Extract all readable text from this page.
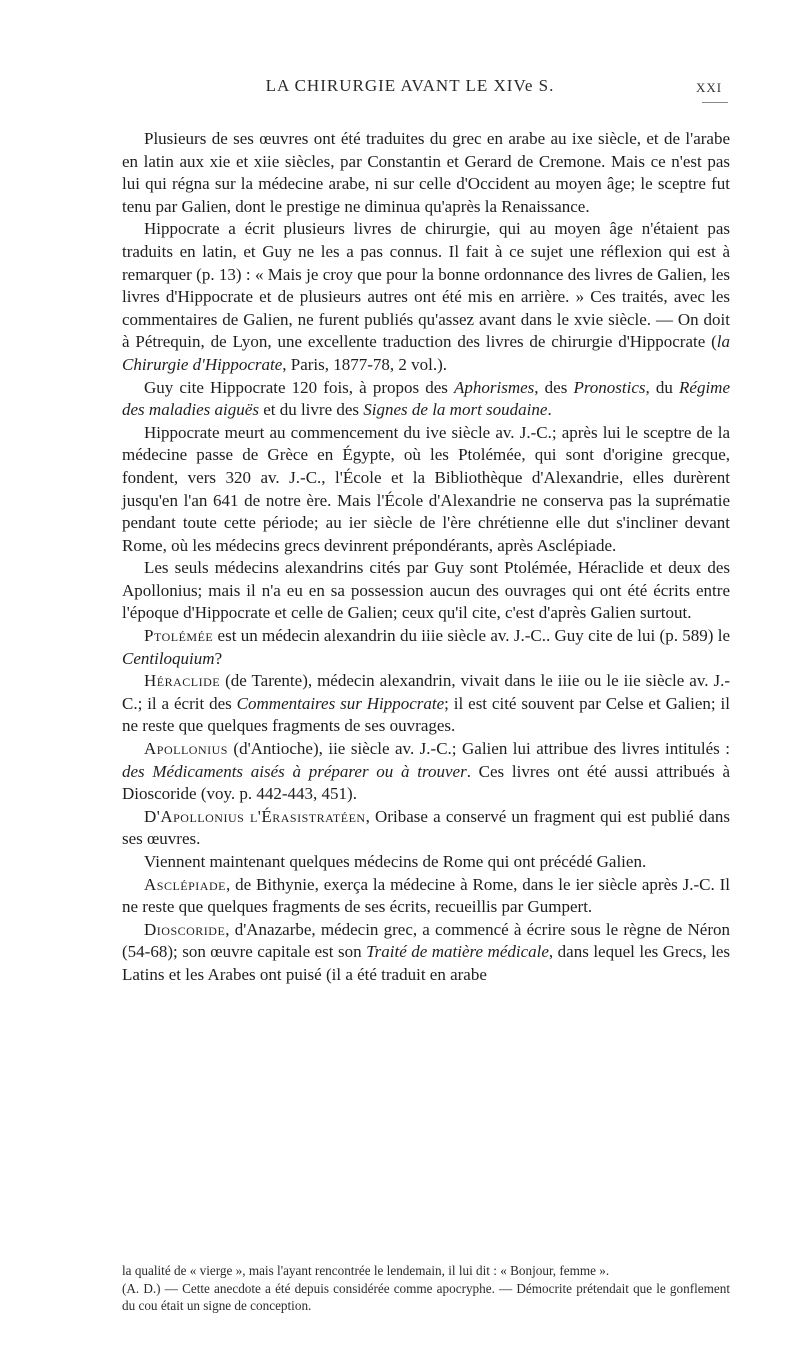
LA CHIRURGIE AVANT LE XIVe S.	XXI

Plusieurs de ses œuvres ont été traduites du grec en arabe au ixe siècle, et de l'arabe en latin aux xie et xiie siècles, par Constantin et Gerard de Cremone. Mais ce n'est pas lui qui régna sur la médecine arabe, ni sur celle d'Occident au moyen âge; le sceptre fut tenu par Galien, dont le prestige ne diminua qu'après la Renaissance.

Hippocrate a écrit plusieurs livres de chirurgie, qui au moyen âge n'étaient pas traduits en latin, et Guy ne les a pas connus. Il fait à ce sujet une réflexion qui est à remarquer (p. 13) : « Mais je croy que pour la bonne ordonnance des livres de Galien, les livres d'Hippocrate et de plusieurs autres ont été mis en arrière. » Ces traités, avec les commentaires de Galien, ne furent publiés qu'assez avant dans le xvie siècle. — On doit à Pétrequin, de Lyon, une excellente traduction des livres de chirurgie d'Hippocrate (la Chirurgie d'Hippocrate, Paris, 1877-78, 2 vol.).

Guy cite Hippocrate 120 fois, à propos des Aphorismes, des Pronostics, du Régime des maladies aiguës et du livre des Signes de la mort soudaine.

Hippocrate meurt au commencement du ive siècle av. J.-C.; après lui le sceptre de la médecine passe de Grèce en Égypte, où les Ptolémée, qui sont d'origine grecque, fondent, vers 320 av. J.-C., l'École et la Bibliothèque d'Alexandrie, elles durèrent jusqu'en l'an 641 de notre ère. Mais l'École d'Alexandrie ne conserva pas la suprématie pendant toute cette période; au ier siècle de l'ère chrétienne elle dut s'incliner devant Rome, où les médecins grecs devinrent prépondérants, après Asclépiade.

Les seuls médecins alexandrins cités par Guy sont Ptolémée, Héraclide et deux des Apollonius; mais il n'a eu en sa possession aucun des ouvrages qui ont été écrits entre l'époque d'Hippocrate et celle de Galien; ceux qu'il cite, c'est d'après Galien surtout.

Ptolémée est un médecin alexandrin du iiie siècle av. J.-C.. Guy cite de lui (p. 589) le Centiloquium?

Héraclide (de Tarente), médecin alexandrin, vivait dans le iiie ou le iie siècle av. J.-C.; il a écrit des Commentaires sur Hippocrate; il est cité souvent par Celse et Galien; il ne reste que quelques fragments de ses ouvrages.

Apollonius (d'Antioche), iie siècle av. J.-C.; Galien lui attribue des livres intitulés : des Médicaments aisés à préparer ou à trouver. Ces livres ont été aussi attribués à Dioscoride (voy. p. 442-443, 451).

D'Apollonius l'Érasistratéen, Oribase a conservé un fragment qui est publié dans ses œuvres.

Viennent maintenant quelques médecins de Rome qui ont précédé Galien.

Asclépiade, de Bithynie, exerça la médecine à Rome, dans le ier siècle après J.-C. Il ne reste que quelques fragments de ses écrits, recueillis par Gumpert.

Dioscoride, d'Anazarbe, médecin grec, a commencé à écrire sous le règne de Néron (54-68); son œuvre capitale est son Traité de matière médicale, dans lequel les Grecs, les Latins et les Arabes ont puisé (il a été traduit en arabe

la qualité de « vierge », mais l'ayant rencontrée le lendemain, il lui dit : « Bonjour, femme ».

(A. D.) — Cette anecdote a été depuis considérée comme apocryphe. — Démocrite prétendait que le gonflement du cou était un signe de conception.
